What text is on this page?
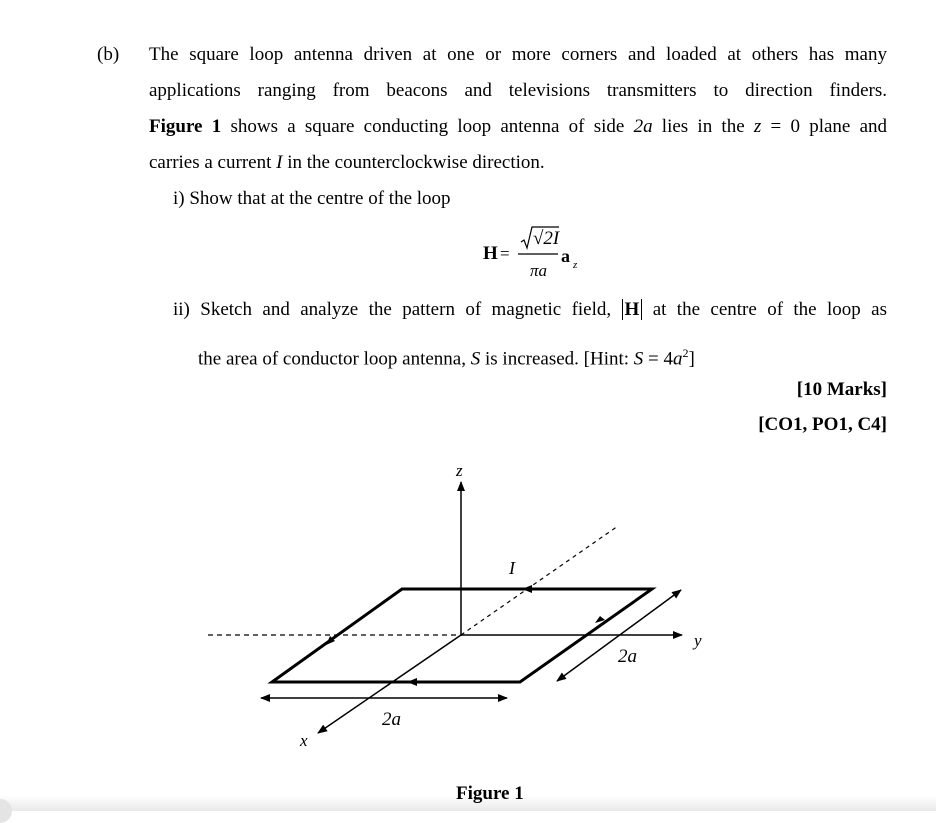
(b) The square loop antenna driven at one or more corners and loaded at others has many
applications ranging from beacons and televisions transmitters to direction finders.
Figure 1 shows a square conducting loop antenna of side 2a lies in the z = 0 plane and
carries a current I in the counterclockwise direction.
i) Show that at the centre of the loop
H =
√2I
πa
a z
ii) Sketch and analyze the pattern of magnetic field, H at the centre of the loop as
the area of conductor loop antenna, S is increased. [Hint: $S = 4a^2$]
[10 Marks]
[CO1, PO1, C4]
z
y
x
I
2a
2a
Figure 1
